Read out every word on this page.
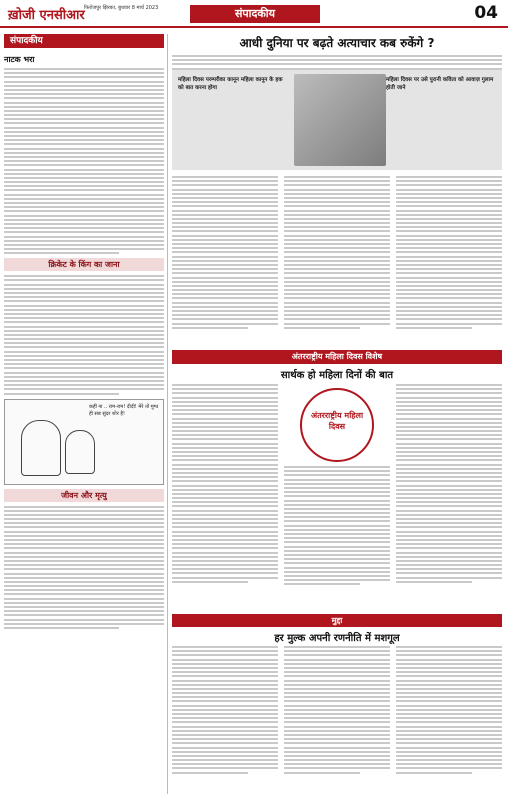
ख़ोजी एनसीआर फिरोजपुर झिरका, बुधवार 8 मार्च 2023	संपादकीय	04
संपादकीय
नाटक भरा
क्रिकेट के किंग का जाना
कहीं ना .. राम-राम! दीदी! मेरे तो मुग्ध ही सब सुंदर शोर है!
जीवन और मृत्यु
आधी दुनिया पर बढ़ते अत्याचार कब रुकेंगे ?
महिला दिवस परम्परीका कानून महिला कानून के हक को बात करना होगा
महिला दिवस पर उसे पुरानी कविता को आवाज़ गुलाम होती जाने
अंतरराष्ट्रीय महिला दिवस विशेष
सार्थक हो महिला दिनों की बात
अंतरराष्ट्रीय महिला दिवस
मुद्दा
हर मुल्क अपनी रणनीति में मशगूल
